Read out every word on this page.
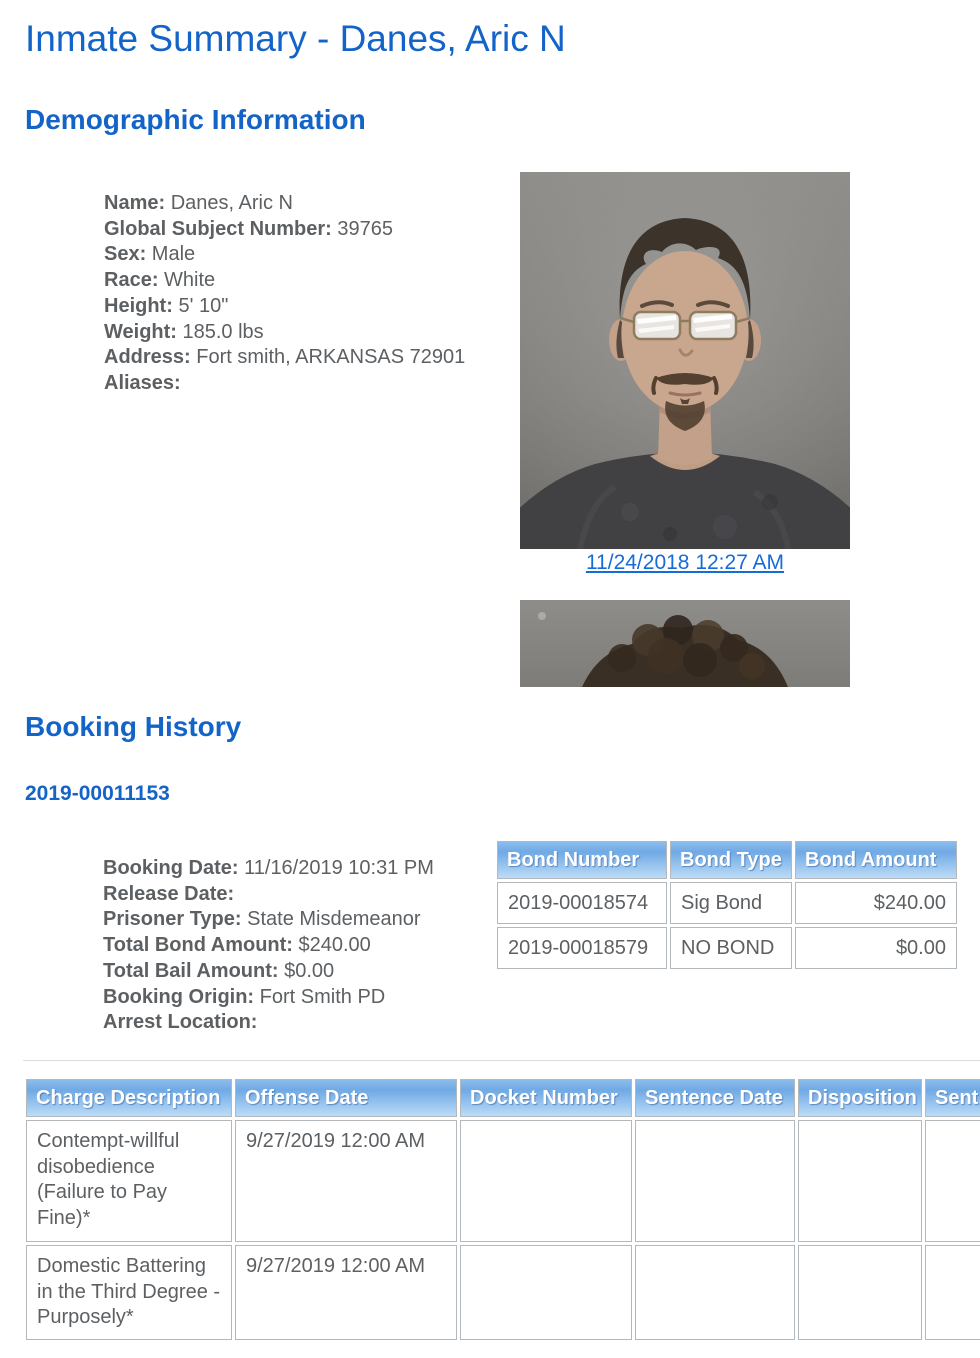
Inmate Summary - Danes, Aric N
Demographic Information
Name: Danes, Aric N
Global Subject Number: 39765
Sex: Male
Race: White
Height: 5' 10"
Weight: 185.0 lbs
Address: Fort smith, ARKANSAS 72901
Aliases:
11/24/2018 12:27 AM
Booking History
2019-00011153
Booking Date: 11/16/2019 10:31 PM
Release Date:
Prisoner Type: State Misdemeanor
Total Bond Amount: $240.00
Total Bail Amount: $0.00
Booking Origin: Fort Smith PD
Arrest Location:
Bond Number	Bond Type	Bond Amount
2019-00018574	Sig Bond	$240.00
2019-00018579	NO BOND	$0.00
Charge Description	Offense Date	Docket Number	Sentence Date	Disposition	Sent
Contempt-willful disobedience (Failure to Pay Fine)*	9/27/2019 12:00 AM				
Domestic Battering in the Third Degree - Purposely*	9/27/2019 12:00 AM				
